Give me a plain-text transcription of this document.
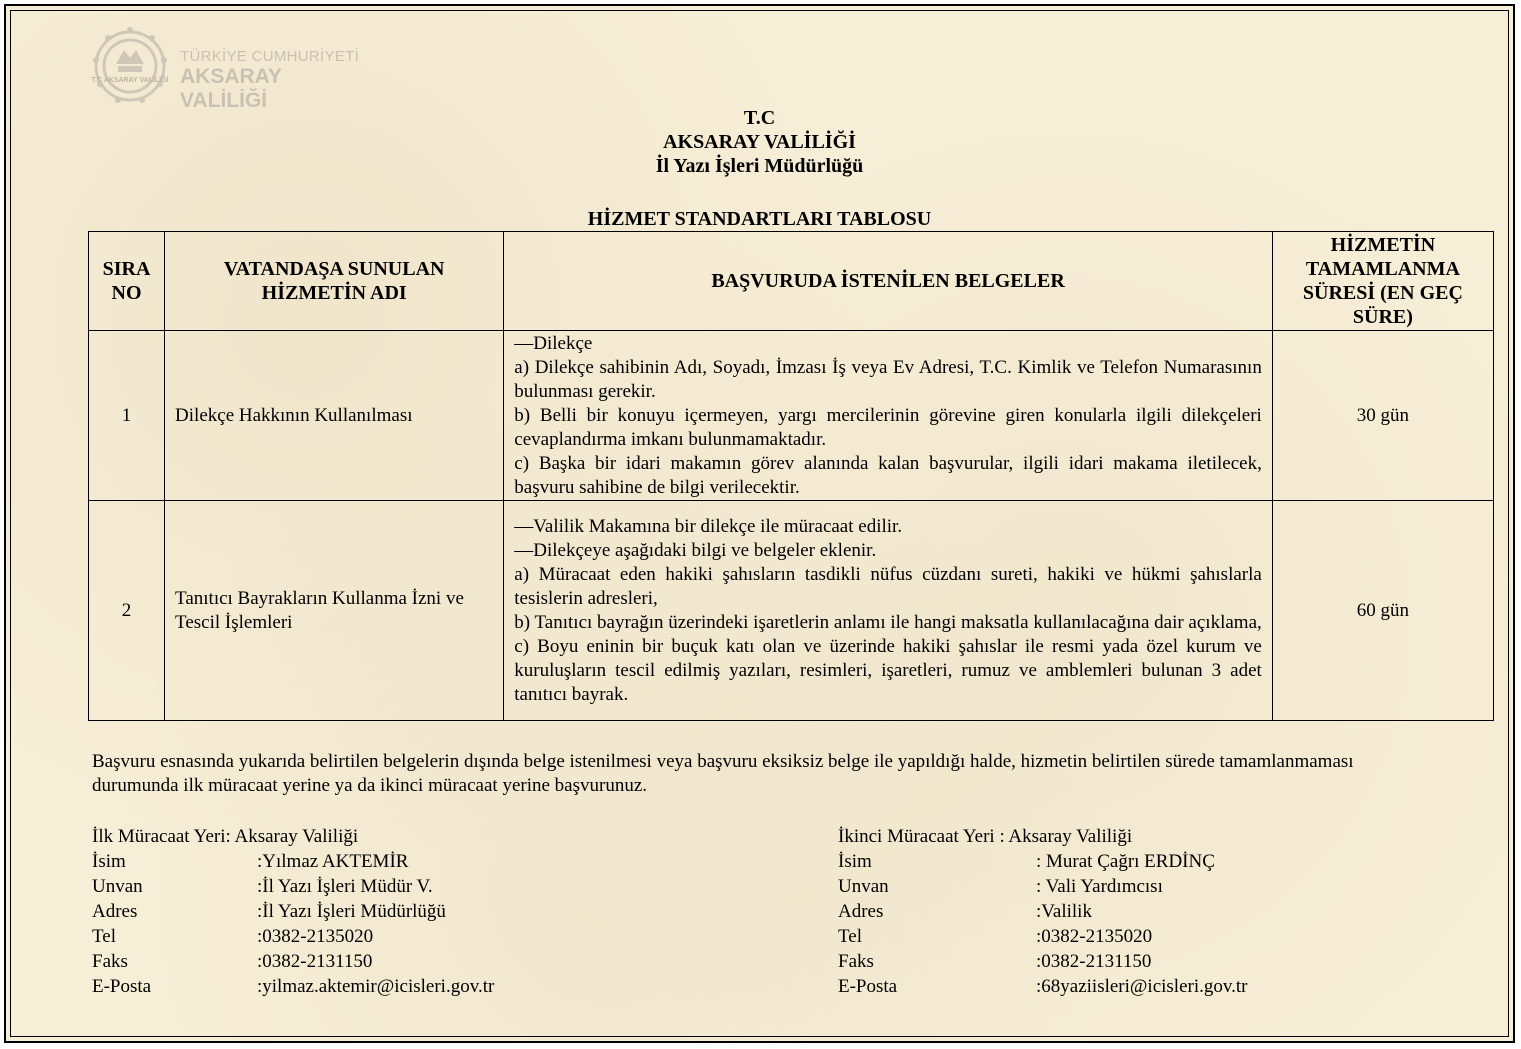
T.C AKSARAY VALİLİĞİ
TÜRKİYE CUMHURİYETİ
AKSARAY VALİLİĞİ
T.C
AKSARAY VALİLİĞİ
İl Yazı İşleri Müdürlüğü
HİZMET STANDARTLARI TABLOSU
SIRA NO	VATANDAŞA SUNULAN HİZMETİN ADI	BAŞVURUDA İSTENİLEN BELGELER	HİZMETİN TAMAMLANMA SÜRESİ (EN GEÇ SÜRE)
1	Dilekçe Hakkının Kullanılması	—Dilekçe
a) Dilekçe sahibinin Adı, Soyadı, İmzası İş veya Ev Adresi, T.C. Kimlik ve Telefon Numarasının bulunması gerekir.
b) Belli bir konuyu içermeyen, yargı mercilerinin görevine giren konularla ilgili dilekçeleri cevaplandırma imkanı bulunmamaktadır.
c) Başka bir idari makamın görev alanında kalan başvurular, ilgili idari makama iletilecek, başvuru sahibine de bilgi verilecektir.	30 gün
2	Tanıtıcı Bayrakların Kullanma İzni ve Tescil İşlemleri	—Valilik Makamına bir dilekçe ile müracaat edilir.
—Dilekçeye aşağıdaki bilgi ve belgeler eklenir.
a) Müracaat eden hakiki şahısların tasdikli nüfus cüzdanı sureti, hakiki ve hükmi şahıslarla tesislerin adresleri,
b) Tanıtıcı bayrağın üzerindeki işaretlerin anlamı ile hangi maksatla kullanılacağına dair açıklama,
c) Boyu eninin bir buçuk katı olan ve üzerinde hakiki şahıslar ile resmi yada özel kurum ve kuruluşların tescil edilmiş yazıları, resimleri, işaretleri, rumuz ve amblemleri bulunan 3 adet tanıtıcı bayrak.	60 gün
Başvuru esnasında yukarıda belirtilen belgelerin dışında belge istenilmesi veya başvuru eksiksiz belge ile yapıldığı halde, hizmetin belirtilen sürede tamamlanmaması durumunda ilk müracaat yerine ya da ikinci müracaat yerine başvurunuz.
İlk Müracaat Yeri: Aksaray Valiliği
İsim	:Yılmaz AKTEMİR
Unvan	:İl Yazı İşleri Müdür V.
Adres	:İl Yazı İşleri Müdürlüğü
Tel	:0382-2135020
Faks	:0382-2131150
E-Posta	:yilmaz.aktemir@icisleri.gov.tr
İkinci Müracaat Yeri : Aksaray Valiliği
İsim	: Murat Çağrı ERDİNÇ
Unvan	: Vali Yardımcısı
Adres	:Valilik
Tel	:0382-2135020
Faks	:0382-2131150
E-Posta	:68yaziisleri@icisleri.gov.tr
